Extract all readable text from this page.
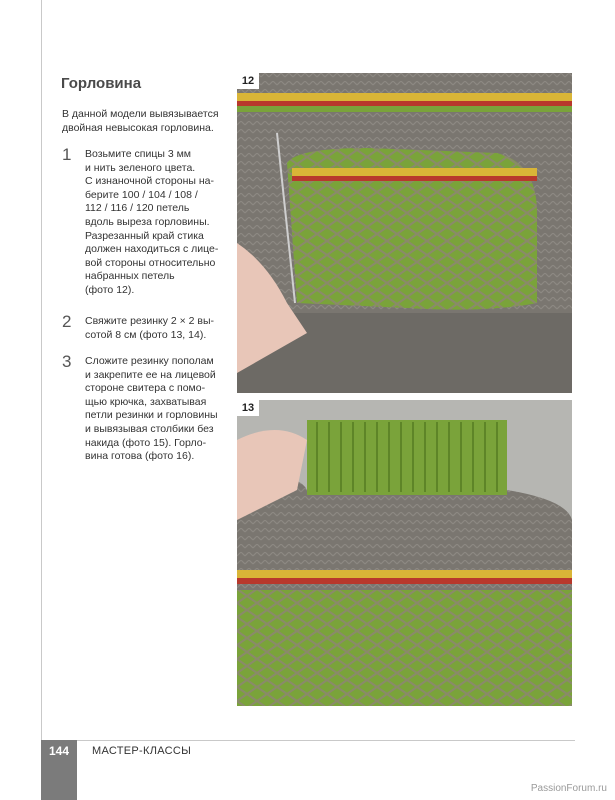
Горловина
В данной модели вывязывается двойная невысокая горловина.
1 Возьмите спицы 3 мм
и нить зеленого цвета.
С изнаночной стороны на-
берите 100 / 104 / 108 /
112 / 116 / 120 петель
вдоль выреза горловины.
Разрезанный край стика
должен находиться с лице-
вой стороны относительно
набранных петель
(фото 12).
2 Свяжите резинку 2 × 2 вы-
сотой 8 см (фото 13, 14).
3 Сложите резинку пополам
и закрепите ее на лицевой
стороне свитера с помо-
щью крючка, захватывая
петли резинки и горловины
и вывязывая столбики без
накида (фото 15). Горло-
вина готова (фото 16).
12
13
144	МАСТЕР-КЛАССЫ
PassionForum.ru
